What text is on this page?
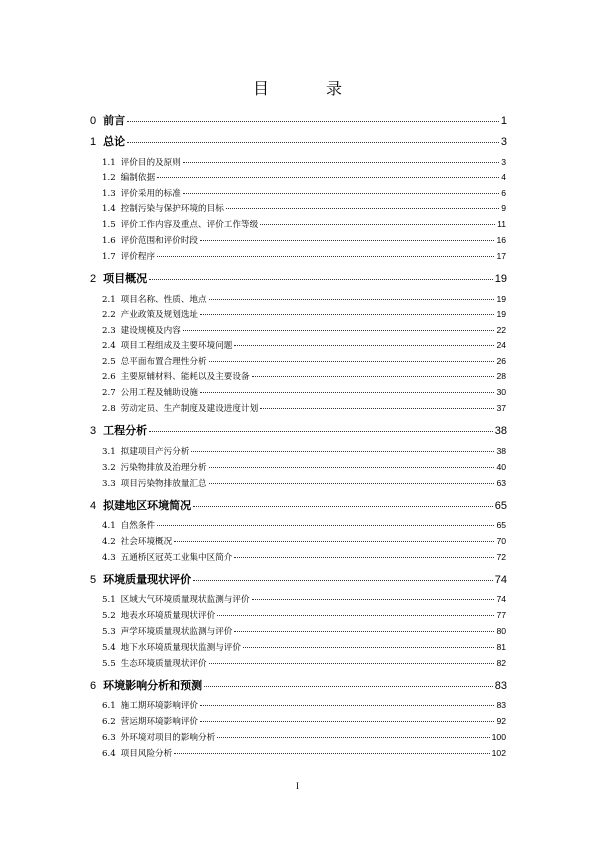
目 录
0 前言	1
1 总论	3
1.1 评价目的及原则	3
1.2 编制依据	4
1.3 评价采用的标准	6
1.4 控制污染与保护环境的目标	9
1.5 评价工作内容及重点、评价工作等级	11
1.6 评价范围和评价时段	16
1.7 评价程序	17
2 项目概况	19
2.1 项目名称、性质、地点	19
2.2 产业政策及规划选址	19
2.3 建设规模及内容	22
2.4 项目工程组成及主要环境问题	24
2.5 总平面布置合理性分析	26
2.6 主要原辅材料、能耗以及主要设备	28
2.7 公用工程及辅助设施	30
2.8 劳动定员、生产制度及建设进度计划	37
3 工程分析	38
3.1 拟建项目产污分析	38
3.2 污染物排放及治理分析	40
3.3 项目污染物排放量汇总	63
4 拟建地区环境简况	65
4.1 自然条件	65
4.2 社会环境概况	70
4.3 五通桥区冠英工业集中区简介	72
5 环境质量现状评价	74
5.1 区域大气环境质量现状监测与评价	74
5.2 地表水环境质量现状评价	77
5.3 声学环境质量现状监测与评价	80
5.4 地下水环境质量现状监测与评价	81
5.5 生态环境质量现状评价	82
6 环境影响分析和预测	83
6.1 施工期环境影响评价	83
6.2 营运期环境影响评价	92
6.3 外环境对项目的影响分析	100
6.4 项目风险分析	102
I
